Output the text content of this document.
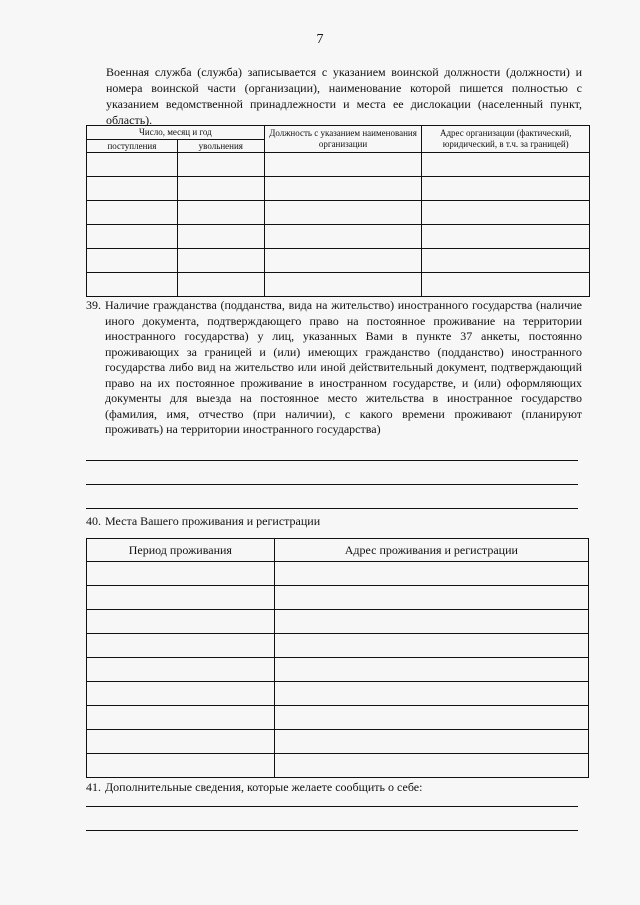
7
Военная служба (служба) записывается с указанием воинской должности (должности) и номера воинской части (организации), наименование которой пишется полностью с указанием ведомственной принадлежности и места ее дислокации (населенный пункт, область).
Число, месяц и год		Должность с указанием наименования организации	Адрес организации (фактический, юридический, в т.ч. за границей)
поступления	увольнения		

39. Наличие гражданства (подданства, вида на жительство) иностранного государства (наличие иного документа, подтверждающего право на постоянное проживание на территории иностранного государства) у лиц, указанных Вами в пункте 37 анкеты, постоянно проживающих за границей и (или) имеющих гражданство (подданство) иностранного государства либо вид на жительство или иной действительный документ, подтверждающий право на их постоянное проживание в иностранном государстве, и (или) оформляющих документы для выезда на постоянное место жительства в иностранное государство (фамилия, имя, отчество (при наличии), с какого времени проживают (планируют проживать) на территории иностранного государства)
40. Места Вашего проживания и регистрации
Период проживания	Адрес проживания и регистрации

41. Дополнительные сведения, которые желаете сообщить о себе:
